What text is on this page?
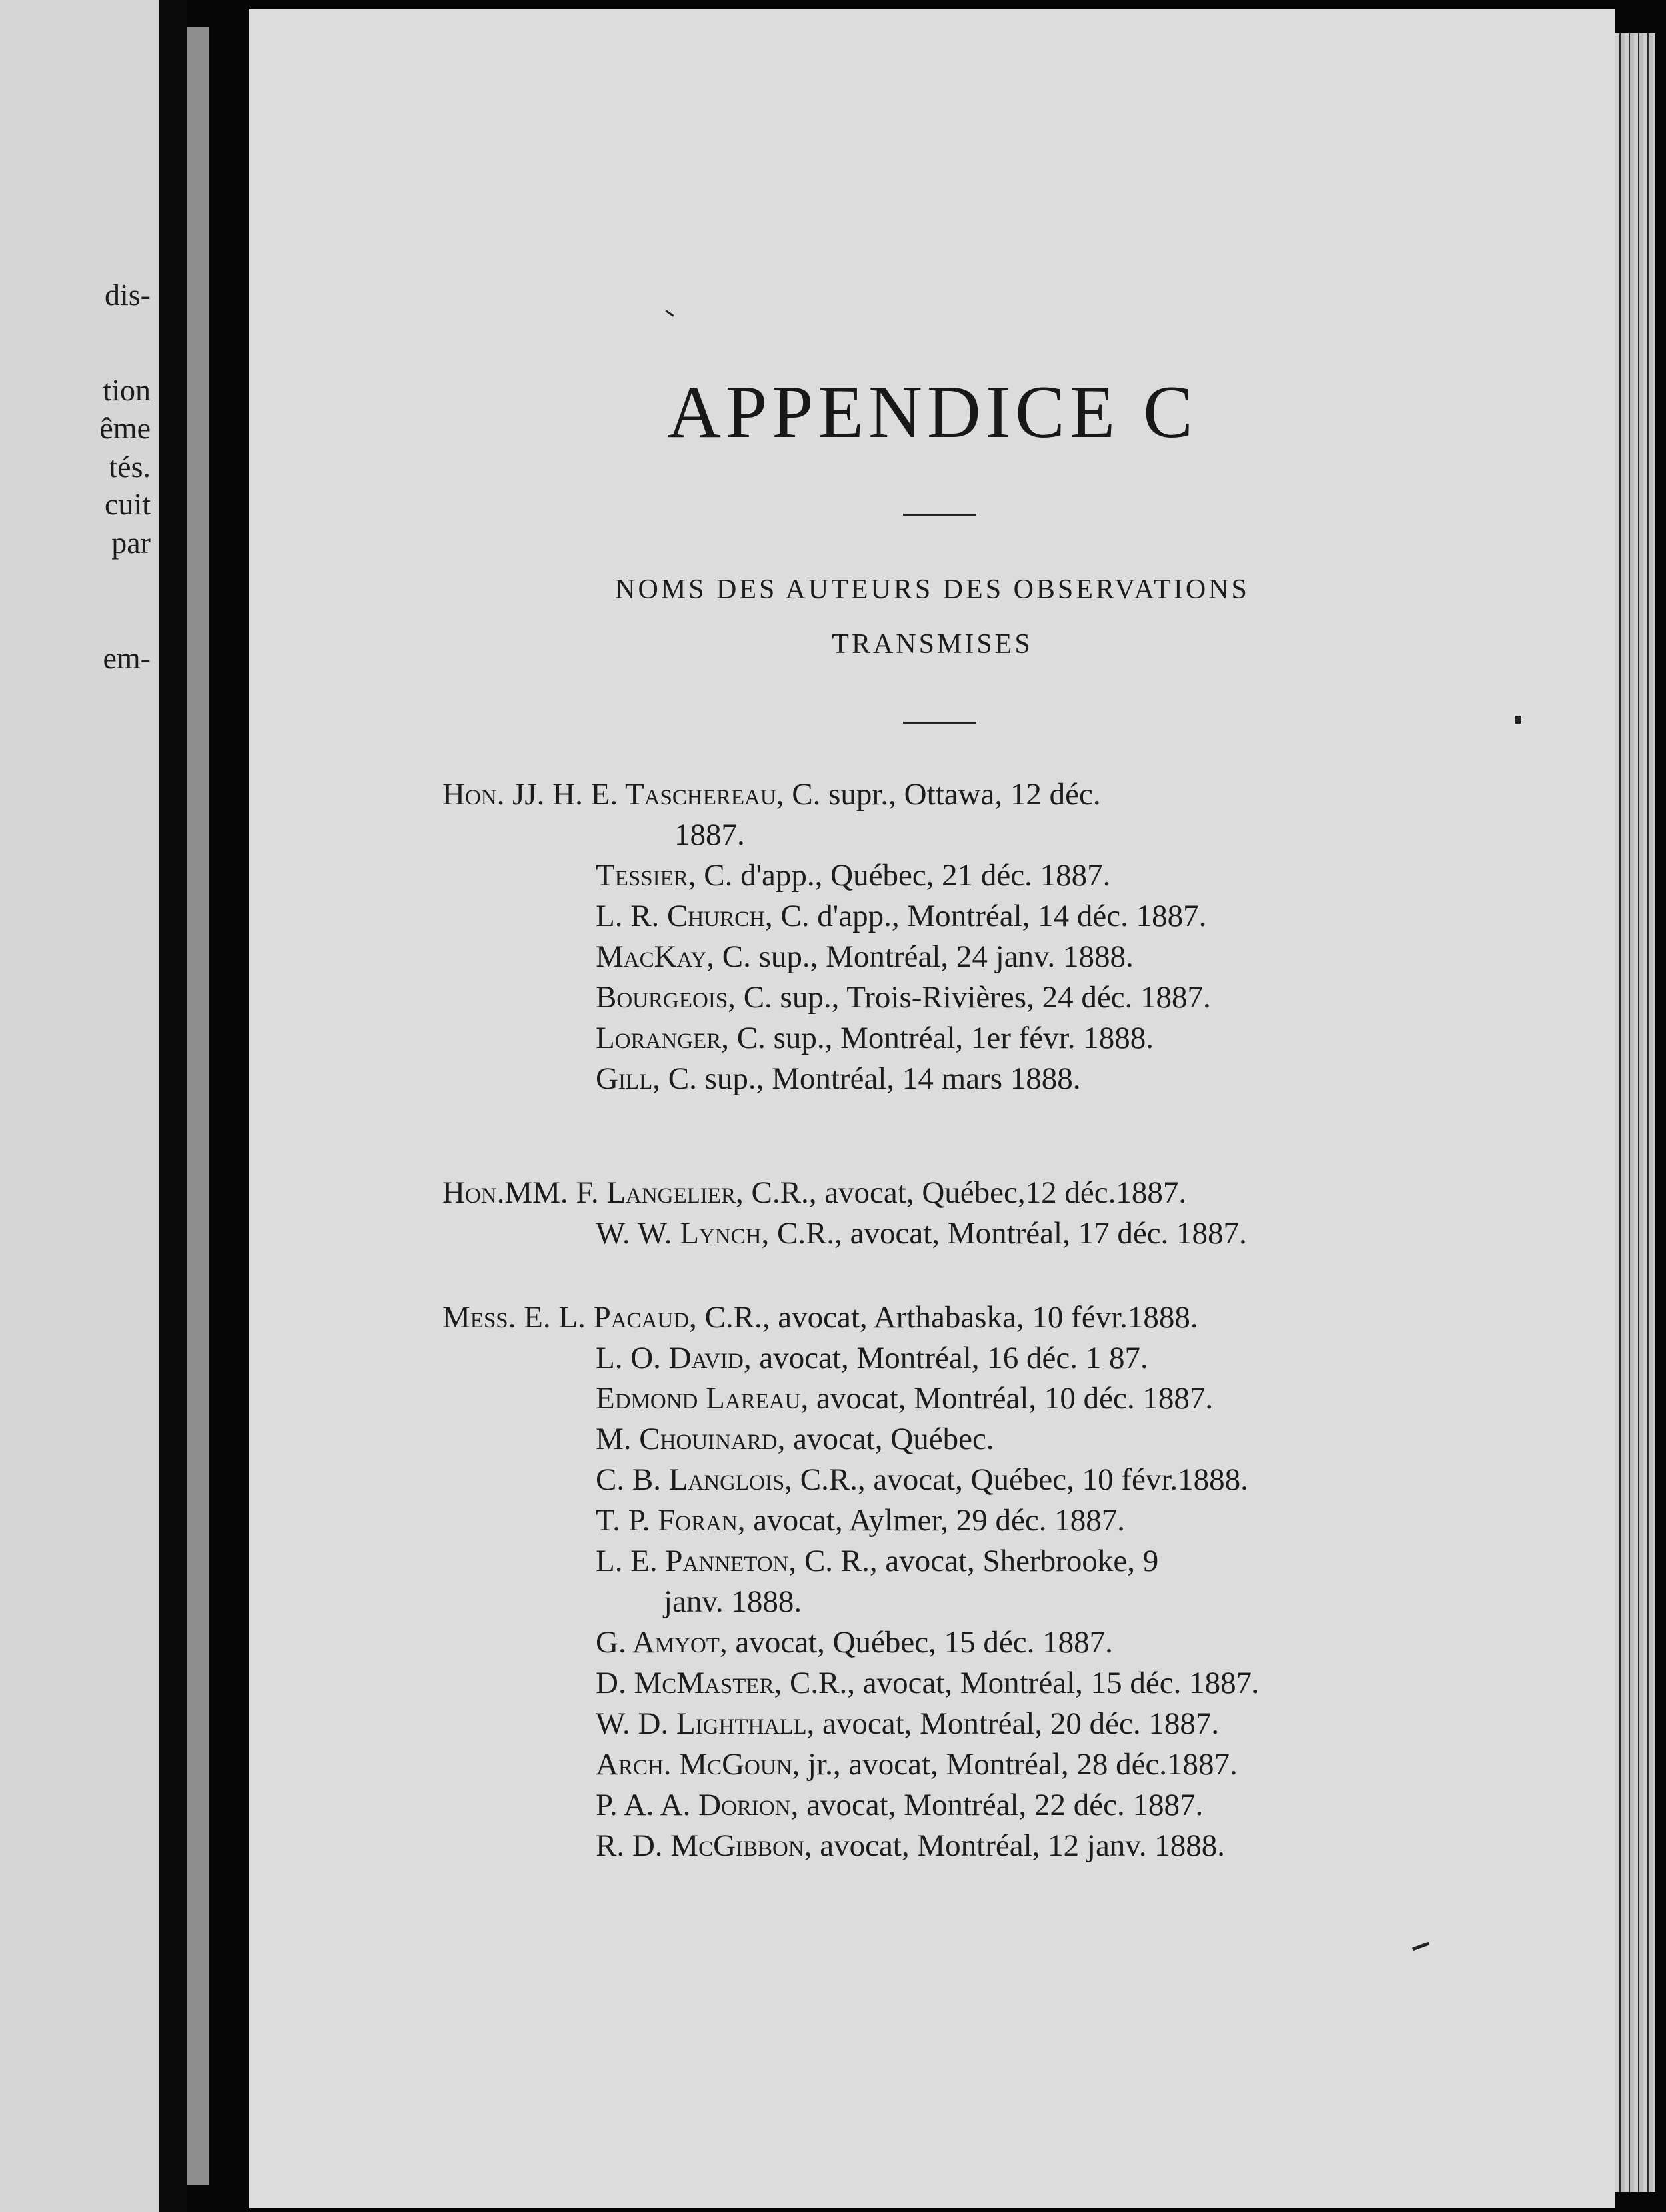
dis-
tion
ême
tés.
cuit
par
em-
APPENDICE C
NOMS DES AUTEURS DES OBSERVATIONS
TRANSMISES
Hon. JJ. H. E. Taschereau, C. supr., Ottawa, 12 déc.
1887.
Tessier, C. d'app., Québec, 21 déc. 1887.
L. R. Church, C. d'app., Montréal, 14 déc. 1887.
MacKay, C. sup., Montréal, 24 janv. 1888.
Bourgeois, C. sup., Trois-Rivières, 24 déc. 1887.
Loranger, C. sup., Montréal, 1er févr. 1888.
Gill, C. sup., Montréal, 14 mars 1888.
Hon.MM. F. Langelier, C.R., avocat, Québec,12 déc.1887.
W. W. Lynch, C.R., avocat, Montréal, 17 déc. 1887.
Mess. E. L. Pacaud, C.R., avocat, Arthabaska, 10 févr.1888.
L. O. David, avocat, Montréal, 16 déc. 1 87.
Edmond Lareau, avocat, Montréal, 10 déc. 1887.
M. Chouinard, avocat, Québec.
C. B. Langlois, C.R., avocat, Québec, 10 févr.1888.
T. P. Foran, avocat, Aylmer, 29 déc. 1887.
L. E. Panneton, C. R., avocat, Sherbrooke, 9
janv. 1888.
G. Amyot, avocat, Québec, 15 déc. 1887.
D. McMaster, C.R., avocat, Montréal, 15 déc. 1887.
W. D. Lighthall, avocat, Montréal, 20 déc. 1887.
Arch. McGoun, jr., avocat, Montréal, 28 déc.1887.
P. A. A. Dorion, avocat, Montréal, 22 déc. 1887.
R. D. McGibbon, avocat, Montréal, 12 janv. 1888.
